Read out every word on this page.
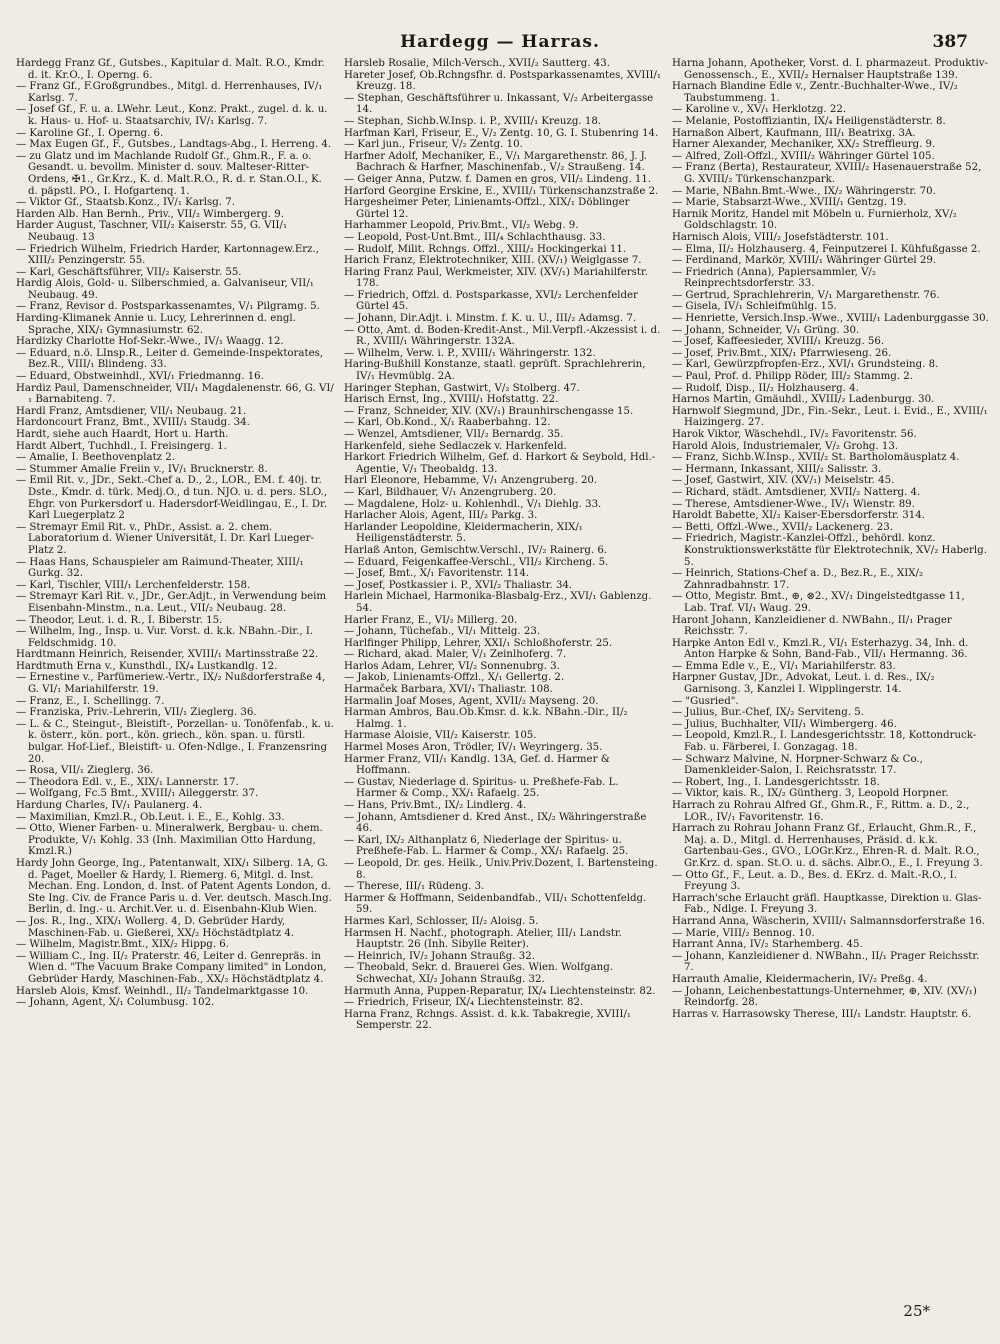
Hardegg — Harras.	387

Hardegg Franz Gf., Gutsbes., Kapitular d. Malt. R.O., Kmdr. d. it. Kr.O., I. Operng. 6.

— Franz Gf., F.Großgrundbes., Mitgl. d. Herrenhauses, IV/₁ Karlsg. 7.

— Josef Gf., F. u. a. LWehr. Leut., Konz. Prakt., zugel. d. k. u. k. Haus- u. Hof- u. Staatsarchiv, IV/₁ Karlsg. 7.

— Karoline Gf., I. Operng. 6.

— Max Eugen Gf., F., Gutsbes., Landtags-Abg., I. Herreng. 4.

— zu Glatz und im Machlande Rudolf Gf., Ghm.R., F. a. o. Gesandt. u. bevollm. Minister d. souv. Malteser-Ritter-Ordens, ✠1., Gr.Krz., K. d. Malt.R.O., R. d. r. Stan.O.I., K. d. päpstl. PO., I. Hofgartenq. 1.

— Viktor Gf., Staatsb.Konz., IV/₁ Karlsg. 7.

Harden Alb. Han Bernh., Priv., VII/₂ Wimbergerg. 9.

Harder August, Taschner, VII/₂ Kaiserstr. 55, G. VII/₁ Neubaug. 13

— Friedrich Wilhelm, Friedrich Harder, Kartonnagew.Erz., XIII/₂ Penzingerstr. 55.

— Karl, Geschäftsführer, VII/₂ Kaiserstr. 55.

Hardig Alois, Gold- u. Silberschmied, a. Galvaniseur, VII/₁ Neubaug. 49.

— Franz, Revisor d. Postsparkassenamtes, V/₁ Pilgramg. 5.

Harding-Klimanek Annie u. Lucy, Lehrerinnen d. engl. Sprache, XIX/₁ Gymnasiumstr. 62.

Hardizky Charlotte Hof-Sekr.-Wwe., IV/₁ Waagg. 12.

— Eduard, n.ö. LInsp.R., Leiter d. Gemeinde-Inspektorates, Bez.R., VIII/₁ Blindeng. 33.

— Eduard, Obstweinhdl., XVI/₁ Friedmanng. 16.

Hardiz Paul, Damenschneider, VII/₁ Magdalenenstr. 66, G. VI/₁ Barnabiteng. 7.

Hardl Franz, Amtsdiener, VII/₁ Neubaug. 21.

Hardoncourt Franz, Bmt., XVIII/₁ Staudg. 34.

Hardt, siehe auch Haardt, Hort u. Harth.

Hardt Albert, Tuchhdl., I. Freisingerg. 1.

— Amalie, I. Beethovenplatz 2.

— Stummer Amalie Freiin v., IV/₁ Brucknerstr. 8.

— Emil Rit. v., JDr., Sekt.-Chef a. D., 2., LOR., EM. f. 40j. tr. Dste., Kmdr. d. türk. Medj.O., d tun. NJO. u. d. pers. SLO., Ehgr. von Purkersdorf u. Hadersdorf-Weidlingau, E., I. Dr. Karl Luegerplatz 2

— Stremayr Emil Rit. v., PhDr., Assist. a. 2. chem. Laboratorium d. Wiener Universität, I. Dr. Karl Lueger-Platz 2.

— Haas Hans, Schauspieler am Raimund-Theater, XIII/₁ Gurkg. 32.

— Karl, Tischler, VIII/₁ Lerchenfelderstr. 158.

— Stremayr Karl Rit. v., JDr., Ger.Adjt., in Verwendung beim Eisenbahn-Minstm., n.a. Leut., VII/₂ Neubaug. 28.

— Theodor, Leut. i. d. R., I. Biberstr. 15.

— Wilhelm, Ing., Insp. u. Vur. Vorst. d. k.k. NBahn.-Dir., I. Feldschmidg. 10.

Hardtmann Heinrich, Reisender, XVIII/₁ Martinsstraße 22.

Hardtmuth Erna v., Kunsthdl., IX/₄ Lustkandlg. 12.

— Ernestine v., Parfümeriew.-Vertr., IX/₂ Nußdorferstraße 4, G. VI/₁ Mariahilferstr. 19.

— Franz, E., I. Schellingg. 7.

— Franziska, Priv.-Lehrerin, VII/₁ Zieglerg. 36.

— L. & C., Steingut-, Bleistift-, Porzellan- u. Tonöfenfab., k. u. k. österr., kön. port., kön. griech., kön. span. u. fürstl. bulgar. Hof-Lief., Bleistift- u. Ofen-Ndlge., I. Franzensring 20.

— Rosa, VII/₁ Zieglerg. 36.

— Theodora Edl. v., E., XIX/₁ Lannerstr. 17.

— Wolfgang, Fc.5 Bmt., XVIII/₁ Aileggerstr. 37.

Hardung Charles, IV/₁ Paulanerg. 4.

— Maximilian, Kmzl.R., Ob.Leut. i. E., E., Kohlg. 33.

— Otto, Wiener Farben- u. Mineralwerk, Bergbau- u. chem. Produkte, V/₁ Kohlg. 33 (Inh. Maximilian Otto Hardung, Kmzl.R.)

Hardy John George, Ing., Patentanwalt, XIX/₁ Silberg. 1A, G. d. Paget, Moeller & Hardy, I. Riemerg. 6, Mitgl. d. Inst. Mechan. Eng. London, d. Inst. of Patent Agents London, d. Ste Ing. Civ. de France Paris u. d. Ver. deutsch. Masch.Ing. Berlin, d. Ing.- u. Archit.Ver. u. d. Eisenbahn-Klub Wien.

— Jos. R., Ing., XIX/₁ Wollerg. 4, D. Gebrüder Hardy, Maschinen-Fab. u. Gießerei, XX/₂ Höchstädtplatz 4.

— Wilhelm, Magistr.Bmt., XIX/₂ Hippg. 6.

— William C., Ing. II/₂ Praterstr. 46, Leiter d. Genrepräs. in Wien d. "The Vacuum Brake Company limited" in London, Gebrüder Hardy, Maschinen-Fab., XX/₂ Höchstädtplatz 4.

Harsleb Alois, Kmsf. Weinhdl., II/₂ Tandelmarktgasse 10.

— Johann, Agent, X/₁ Columbusg. 102.

Harsleb Rosalie, Milch-Versch., XVII/₂ Sautterg. 43.

Hareter Josef, Ob.Rchngsfhr. d. Postsparkassenamtes, XVIII/₁ Kreuzg. 18.

— Stephan, Geschäftsführer u. Inkassant, V/₂ Arbeitergasse 14.

— Stephan, Sichb.W.Insp. i. P., XVIII/₁ Kreuzg. 18.

Harfman Karl, Friseur, E., V/₂ Zentg. 10, G. I. Stubenring 14.

— Karl jun., Friseur, V/₂ Zentg. 10.

Harfner Adolf, Mechaniker, E., V/₁ Margarethenstr. 86, J. J. Bachrach & Harfner, Maschinenfab., V/₂ Straußeng. 14.

— Geiger Anna, Putzw. f. Damen en gros, VII/₂ Lindeng. 11.

Harford Georgine Erskine, E., XVIII/₁ Türkenschanzstraße 2.

Hargesheimer Peter, Linienamts-Offzl., XIX/₁ Döblinger Gürtel 12.

Harhammer Leopold, Priv.Bmt., VI/₂ Webg. 9.

— Leopold, Post-Unt.Bmt., III/₄ Schlachthausg. 33.

— Rudolf, Milit. Rchngs. Offzl., XIII/₂ Hockingerkai 11.

Harich Franz, Elektrotechniker, XIII. (XV/₁) Weiglgasse 7.

Haring Franz Paul, Werkmeister, XIV. (XV/₁) Mariahilferstr. 178.

— Friedrich, Offzl. d. Postsparkasse, XVI/₂ Lerchenfelder Gürtel 45.

— Johann, Dir.Adjt. i. Minstm. f. K. u. U., III/₂ Adamsg. 7.

— Otto, Amt. d. Boden-Kredit-Anst., Mil.Verpfl.-Akzessist i. d. R., XVIII/₁ Währingerstr. 132A.

— Wilhelm, Verw. i. P., XVIII/₁ Währingerstr. 132.

Haring-Bußhill Konstanze, staatl. geprüft. Sprachlehrerin, IV/₁ Hevmüblg. 2A.

Haringer Stephan, Gastwirt, V/₂ Stolberg. 47.

Harisch Ernst, Ing., XVIII/₁ Hofstattg. 22.

— Franz, Schneider, XIV. (XV/₁) Braunhirschengasse 15.

— Karl, Ob.Kond., X/₁ Raaberbahng. 12.

— Wenzel, Amtsdiener, VII/₂ Bernardg. 35.

Harkenfeld, siehe Sedlaczek v. Harkenfeld.

Harkort Friedrich Wilhelm, Gef. d. Harkort & Seybold, Hdl.-Agentie, V/₁ Theobaldg. 13.

Harl Eleonore, Hebamme, V/₁ Anzengruberg. 20.

— Karl, Bildhauer, V/₁ Anzengruberg. 20.

— Magdalene, Holz- u. Kohlenhdl., V/₁ Diehlg. 33.

Harlacher Alois, Agent, III/₂ Parkg. 3.

Harlander Leopoldine, Kleidermacherin, XIX/₁ Heiligenstädterstr. 5.

Harlaß Anton, Gemischtw.Verschl., IV/₂ Rainerg. 6.

— Eduard, Feigenkaffee-Verschl., VII/₂ Kircheng. 5.

— Josef, Bmt., X/₁ Favoritenstr. 114.

— Josef, Postkassier i. P., XVI/₂ Thaliastr. 34.

Harlein Michael, Harmonika-Blasbalg-Erz., XVI/₁ Gablenzg. 54.

Harler Franz, E., VI/₂ Millerg. 20.

— Johann, Tüchefab., VI/₁ Mittelg. 23.

Harlfinger Philipp, Lehrer, XXI/₁ Schloßhoferstr. 25.

— Richard, akad. Maler, V/₁ Zeinlhoferg. 7.

Harlos Adam, Lehrer, VI/₂ Sonnenubrg. 3.

— Jakob, Linienamts-Offzl., X/₁ Gellertg. 2.

Harmaček Barbara, XVI/₁ Thaliastr. 108.

Harmalin Joaf Moses, Agent, XVII/₂ Mayseng. 20.

Harman Ambros, Bau.Ob.Kmsr. d. k.k. NBahn.-Dir., II/₂ Halmg. 1.

Harmase Aloisie, VII/₂ Kaiserstr. 105.

Harmel Moses Aron, Trödler, IV/₁ Weyringerg. 35.

Harmer Franz, VII/₁ Kandlg. 13A, Gef. d. Harmer & Hoffmann.

— Gustav, Niederlage d. Spiritus- u. Preßhefe-Fab. L. Harmer & Comp., XX/₁ Rafaelg. 25.

— Hans, Priv.Bmt., IX/₂ Lindlerg. 4.

— Johann, Amtsdiener d. Kred Anst., IX/₂ Währingerstraße 46.

— Karl, IX/₂ Althanplatz 6, Niederlage der Spiritus- u. Preßhefe-Fab. L. Harmer & Comp., XX/₁ Rafaelg. 25.

— Leopold, Dr. ges. Heilk., Univ.Priv.Dozent, I. Bartensteing. 8.

— Therese, III/₁ Rüdeng. 3.

Harmer & Hoffmann, Seidenbandfab., VII/₁ Schottenfeldg. 59.

Harmes Karl, Schlosser, II/₂ Aloisg. 5.

Harmsen H. Nachf., photograph. Atelier, III/₁ Landstr. Hauptstr. 26 (Inh. Sibylle Reiter).

— Heinrich, IV/₂ Johann Straußg. 32.

— Theobald, Sekr. d. Brauerei Ges. Wien. Wolfgang. Schwechat, XI/₂ Johann Straußg. 32.

Harmuth Anna, Puppen-Reparatur, IX/₄ Liechtensteinstr. 82.

— Friedrich, Friseur, IX/₄ Liechtensteinstr. 82.

Harna Franz, Rchngs. Assist. d. k.k. Tabakregie, XVIII/₁ Semperstr. 22.

Harna Johann, Apotheker, Vorst. d. I. pharmazeut. Produktiv-Genossensch., E., XVII/₂ Hernalser Hauptstraße 139.

Harnach Blandine Edle v., Zentr.-Buchhalter-Wwe., IV/₂ Taubstummeng. 1.

— Karoline v., XV/₁ Herklotzg. 22.

— Melanie, Postoffiziantin, IX/₄ Heiligenstädterstr. 8.

Harnaßon Albert, Kaufmann, III/₁ Beatrixg. 3A.

Harner Alexander, Mechaniker, XX/₂ Streffleurg. 9.

— Alfred, Zoll-Offzl., XVIII/₂ Währinger Gürtel 105.

— Franz (Berta), Restaurateur, XVIII/₂ Hasenauerstraße 52, G. XVIII/₂ Türkenschanzpark.

— Marie, NBahn.Bmt.-Wwe., IX/₂ Währingerstr. 70.

— Marie, Stabsarzt-Wwe., XVIII/₁ Gentzg. 19.

Harnik Moritz, Handel mit Möbeln u. Furnierholz, XV/₂ Goldschlagstr. 10.

Harnisch Alois, VIII/₂ Josefstädterstr. 101.

— Elma, II/₂ Holzhauserg. 4, Feinputzerei I. Kühfußgasse 2.

— Ferdinand, Markör, XVIII/₁ Währinger Gürtel 29.

— Friedrich (Anna), Papiersammler, V/₂ Reinprechtsdorferstr. 33.

— Gertrud, Sprachlehrerin, V/₁ Margarethenstr. 76.

— Gisela, IV/₁ Schleifmühlg. 15.

— Henriette, Versich.Insp.-Wwe., XVIII/₁ Ladenburggasse 30.

— Johann, Schneider, V/₁ Grüng. 30.

— Josef, Kaffeesieder, XVIII/₁ Kreuzg. 56.

— Josef, Priv.Bmt., XIX/₁ Pfarrwieseng. 26.

— Karl, Gewürzpfropfen-Erz., XVI/₁ Grundsteing. 8.

— Paul, Prof. d. Philipp Röder, III/₂ Stammg. 2.

— Rudolf, Disp., II/₂ Holzhauserg. 4.

Harnos Martin, Gmäuhdl., XVIII/₂ Ladenburgg. 30.

Harnwolf Siegmund, JDr., Fin.-Sekr., Leut. i. Evid., E., XVIII/₁ Haizingerg. 27.

Harok Viktor, Wäschehdl., IV/₂ Favoritenstr. 56.

Harold Alois, Industriemaler, V/₂ Grohg. 13.

— Franz, Sichb.W.Insp., XVII/₂ St. Bartholomäusplatz 4.

— Hermann, Inkassant, XIII/₂ Salisstr. 3.

— Josef, Gastwirt, XIV. (XV/₁) Meiselstr. 45.

— Richard, städt. Amtsdiener, XVII/₂ Natterg. 4.

— Therese, Amtsdiener-Wwe., IV/₁ Wienstr. 89.

Haroldt Babette, XI/₂ Kaiser-Ebersdorferstr. 314.

— Betti, Offzl.-Wwe., XVII/₂ Lackenerg. 23.

— Friedrich, Magistr.-Kanzlei-Offzl., behördl. konz. Konstruktionswerkstätte für Elektrotechnik, XV/₂ Haberlg. 5.

— Heinrich, Stations-Chef a. D., Bez.R., E., XIX/₂ Zahnradbahnstr. 17.

— Otto, Megistr. Bmt., ⊕, ⊗2., XV/₁ Dingelstedtgasse 11, Lab. Traf. VI/₁ Waug. 29.

Haront Johann, Kanzleidiener d. NWBahn., II/₁ Prager Reichsstr. 7.

Harpke Anton Edl v., Kmzl.R., VI/₁ Esterhazyg. 34, Inh. d. Anton Harpke & Sohn, Band-Fab., VII/₁ Hermanng. 36.

— Emma Edle v., E., VI/₁ Mariahilferstr. 83.

Harpner Gustav, JDr., Advokat, Leut. i. d. Res., IX/₂ Garnisong. 3, Kanzlei I. Wipplingerstr. 14.

— "Gusried".

— Julius, Bur.-Chef, IX/₂ Serviteng. 5.

— Julius, Buchhalter, VII/₁ Wimbergerg. 46.

— Leopold, Kmzl.R., I. Landesgerichtsstr. 18, Kottondruck-Fab. u. Färberei, I. Gonzagag. 18.

— Schwarz Malvine, N. Horpner-Schwarz & Co., Damenkleider-Salon, I. Reichsratsstr. 17.

— Robert, Ing., I. Landesgerichtsstr. 18.

— Viktor, kais. R., IX/₂ Güntherg. 3, Leopold Horpner.

Harrach zu Rohrau Alfred Gf., Ghm.R., F., Rittm. a. D., 2., LOR., IV/₁ Favoritenstr. 16.

Harrach zu Rohrau Johann Franz Gf., Erlaucht, Ghm.R., F., Maj. a. D., Mitgl. d. Herrenhauses, Präsid. d. k.k. Gartenbau-Ges., GVO., LOGr.Krz., Ehren-R. d. Malt. R.O., Gr.Krz. d. span. St.O. u. d. sächs. Albr.O., E., I. Freyung 3.

— Otto Gf., F., Leut. a. D., Bes. d. EKrz. d. Malt.-R.O., I. Freyung 3.

Harrach'sche Erlaucht gräfl. Hauptkasse, Direktion u. Glas-Fab., Ndlge. I. Freyung 3.

Harrand Anna, Wäscherin, XVIII/₁ Salmannsdorferstraße 16.

— Marie, VIII/₂ Bennog. 10.

Harrant Anna, IV/₂ Starhemberg. 45.

— Johann, Kanzleidiener d. NWBahn., II/₁ Prager Reichsstr. 7.

Harrauth Amalie, Kleidermacherin, IV/₂ Preßg. 4.

— Johann, Leichenbestattungs-Unternehmer, ⊕, XIV. (XV/₁) Reindorfg. 28.

Harras v. Harrasowsky Therese, III/₁ Landstr. Hauptstr. 6.

25*
